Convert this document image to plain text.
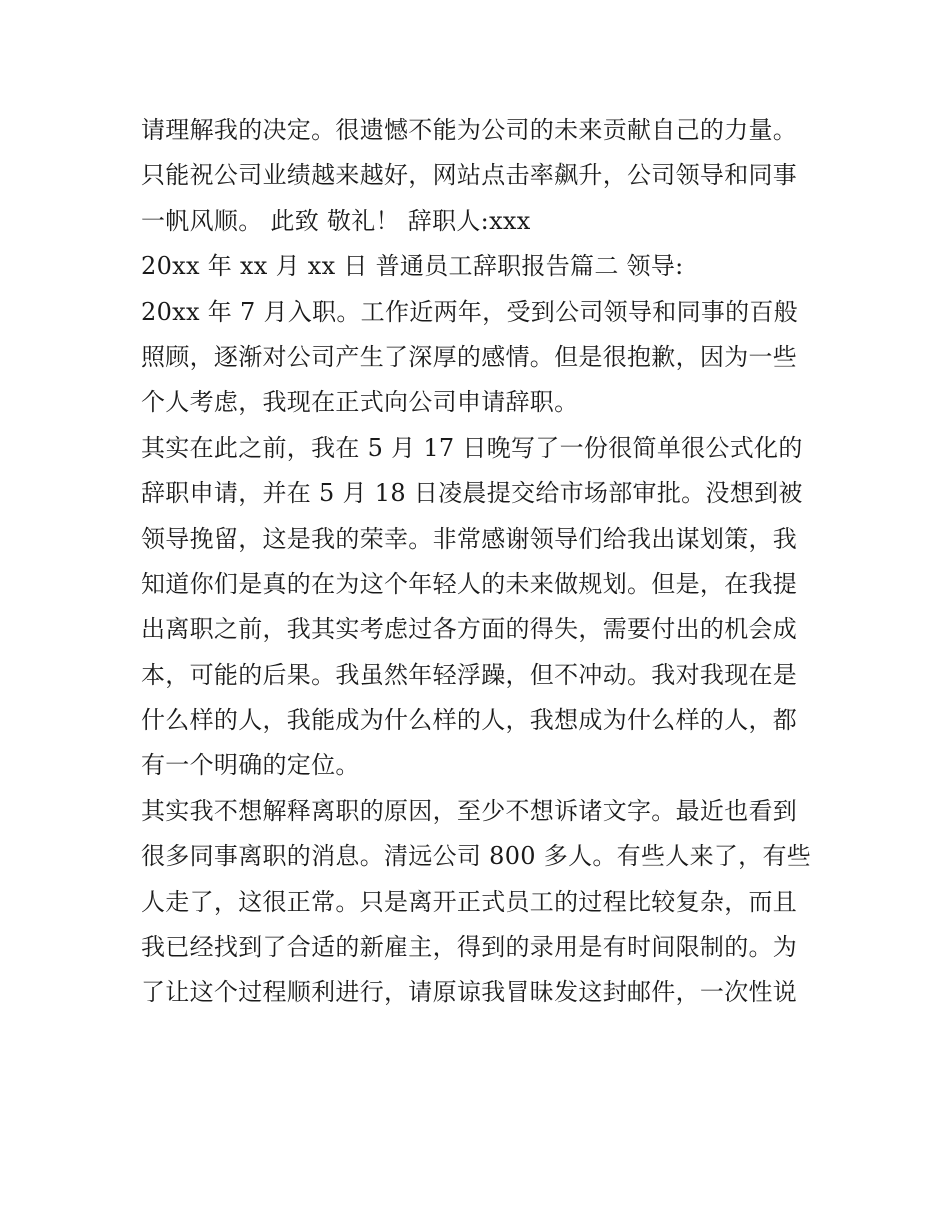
请理解我的决定。很遗憾不能为公司的未来贡献自己的力量。
只能祝公司业绩越来越好，网站点击率飙升，公司领导和同事
一帆风顺。 此致 敬礼！ 辞职人:xxx
20xx 年 xx 月 xx 日 普通员工辞职报告篇二 领导:
20xx 年 7 月入职。工作近两年，受到公司领导和同事的百般
照顾，逐渐对公司产生了深厚的感情。但是很抱歉，因为一些
个人考虑，我现在正式向公司申请辞职。
其实在此之前，我在 5 月 17 日晚写了一份很简单很公式化的
辞职申请，并在 5 月 18 日凌晨提交给市场部审批。没想到被
领导挽留，这是我的荣幸。非常感谢领导们给我出谋划策，我
知道你们是真的在为这个年轻人的未来做规划。但是，在我提
出离职之前，我其实考虑过各方面的得失，需要付出的机会成
本，可能的后果。我虽然年轻浮躁，但不冲动。我对我现在是
什么样的人，我能成为什么样的人，我想成为什么样的人，都
有一个明确的定位。
其实我不想解释离职的原因，至少不想诉诸文字。最近也看到
很多同事离职的消息。清远公司 800 多人。有些人来了，有些
人走了，这很正常。只是离开正式员工的过程比较复杂，而且
我已经找到了合适的新雇主，得到的录用是有时间限制的。为
了让这个过程顺利进行，请原谅我冒昧发这封邮件，一次性说
